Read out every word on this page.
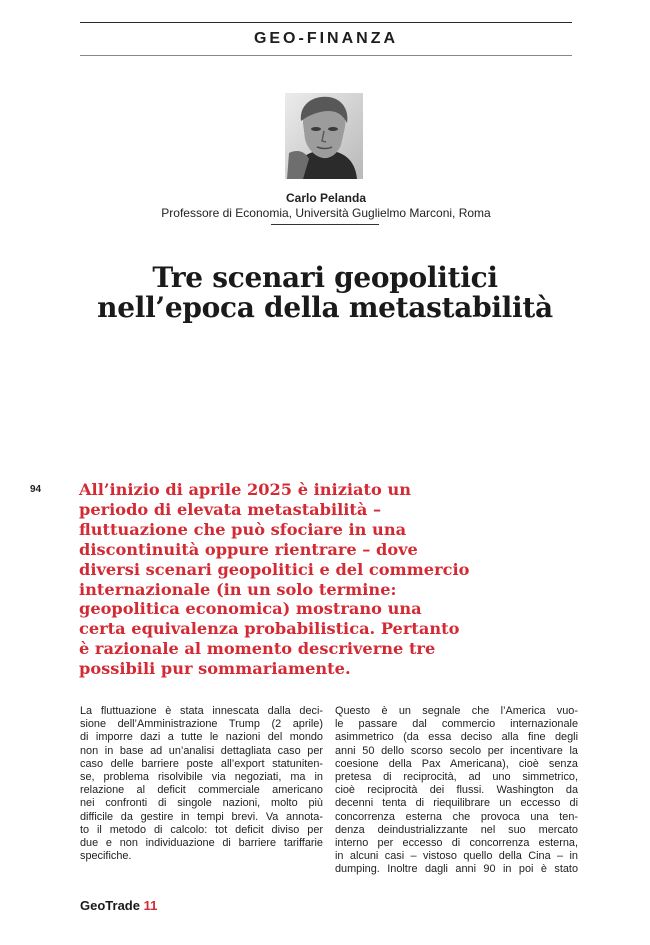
GEO-FINANZA
Carlo Pelanda
Professore di Economia, Università Guglielmo Marconi, Roma
Tre scenari geopolitici
nell’epoca della metastabilità
94 All’inizio di aprile 2025 è iniziato un
periodo di elevata metastabilità –
fluttuazione che può sfociare in una
discontinuità oppure rientrare – dove
diversi scenari geopolitici e del commercio
internazionale (in un solo termine:
geopolitica economica) mostrano una
certa equivalenza probabilistica. Pertanto
è razionale al momento descriverne tre
possibili pur sommariamente.
La fluttuazione è stata innescata dalla deci-
sione dell’Amministrazione Trump (2 aprile)
di imporre dazi a tutte le nazioni del mondo
non in base ad un’analisi dettagliata caso per
caso delle barriere poste all’export statuniten-
se, problema risolvibile via negoziati, ma in
relazione al deficit commerciale americano
nei confronti di singole nazioni, molto più
difficile da gestire in tempi brevi. Va annota-
to il metodo di calcolo: tot deficit diviso per
due e non individuazione di barriere tariffarie
specifiche.
Questo è un segnale che l’America vuo-
le passare dal commercio internazionale
asimmetrico (da essa deciso alla fine degli
anni 50 dello scorso secolo per incentivare la
coesione della Pax Americana), cioè senza
pretesa di reciprocità, ad uno simmetrico,
cioè reciprocità dei flussi. Washington da
decenni tenta di riequilibrare un eccesso di
concorrenza esterna che provoca una ten-
denza deindustrializzante nel suo mercato
interno per eccesso di concorrenza esterna,
in alcuni casi – vistoso quello della Cina – in
dumping. Inoltre dagli anni 90 in poi è stato
GeoTrade 11
